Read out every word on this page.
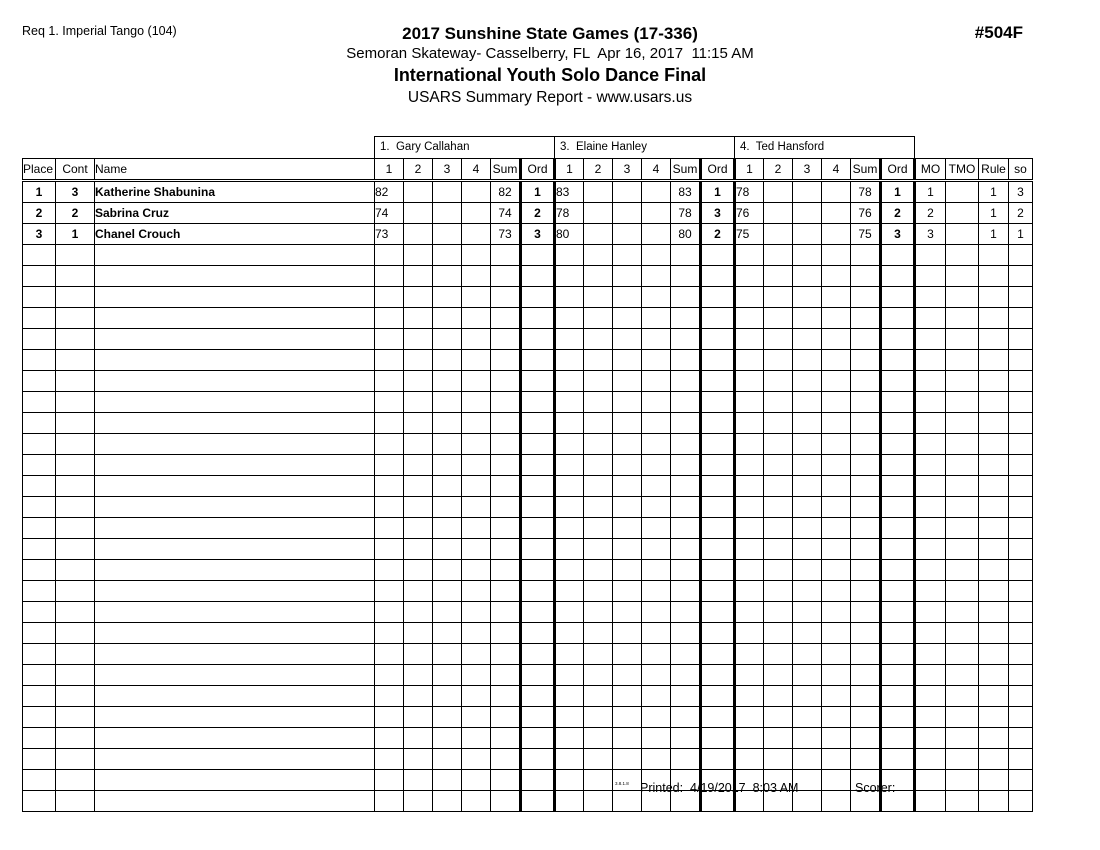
Req 1. Imperial Tango (104)	2017 Sunshine State Games (17-336)
Semoran Skateway- Casselberry, FL  Apr 16, 2017  11:15 AM
International Youth Solo Dance Final
USARS Summary Report - www.usars.us
#504F
			1.  Gary Callahan						3.  Elaine Hanley						4.  Ted Hansford									
Place	Cont	Name	1	2	3	4	Sum	Ord	1	2	3	4	Sum	Ord	1	2	3	4	Sum	Ord	MO	TMO	Rule	so
1	3	Katherine Shabunina	82				82	1	83				83	1	78				78	1	1		1	3
2	2	Sabrina Cruz	74				74	2	78				78	3	76				76	2	2		1	2
3	1	Chanel Crouch	73				73	3	80				80	2	75				75	3	3		1	1

3.8.1.8 Printed:  4/19/2017  8:03 AM	Scorer:
